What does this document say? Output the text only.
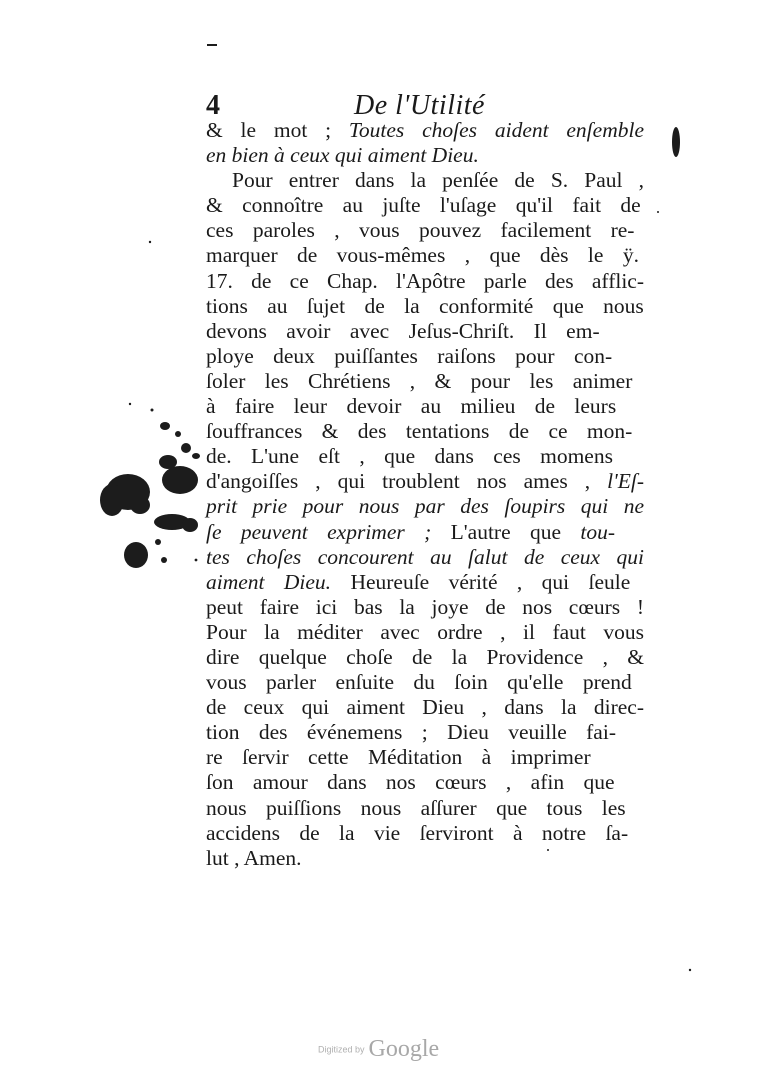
4	De l'Utilité
& le mot ; Toutes choſes aident enſemble
en bien à ceux qui aiment Dieu.
Pour entrer dans la penſée de S. Paul ,
& connoître au juſte l'uſage qu'il fait de
ces paroles , vous pouvez facilement re-
marquer de vous-mêmes , que dès le ÿ.
17. de ce Chap. l'Apôtre parle des afflic-
tions au ſujet de la conformité que nous
devons avoir avec Jeſus-Chriſt. Il em-
ployе deux puiſſantes raiſons pour con-
ſoler les Chrétiens , & pour les animer
à faire leur devoir au milieu de leurs
ſouffrances & des tentations de ce mon-
de. L'une eſt , que dans ces momens
d'angoiſſes , qui troublent nos ames , l'Eſ-
prit prie pour nous par des ſoupirs qui ne
ſe peuvent exprimer ; L'autre que tou-
tes choſes concourent au ſalut de ceux qui
aiment Dieu. Heureuſe vérité , qui ſeule
peut faire ici bas la joye de nos cœurs !
Pour la méditer avec ordre , il faut vous
dire quelque choſe de la Providence , &
vous parler enſuite du ſoin qu'elle prend
de ceux qui aiment Dieu , dans la direc-
tion des événemens ; Dieu veuille fai-
re ſervir cette Méditation à imprimer
ſon amour dans nos cœurs , afin que
nous puiſſions nous aſſurer que tous les
accidens de la vie ſerviront à notre ſa-
lut , Amen.
Digitized by Google
